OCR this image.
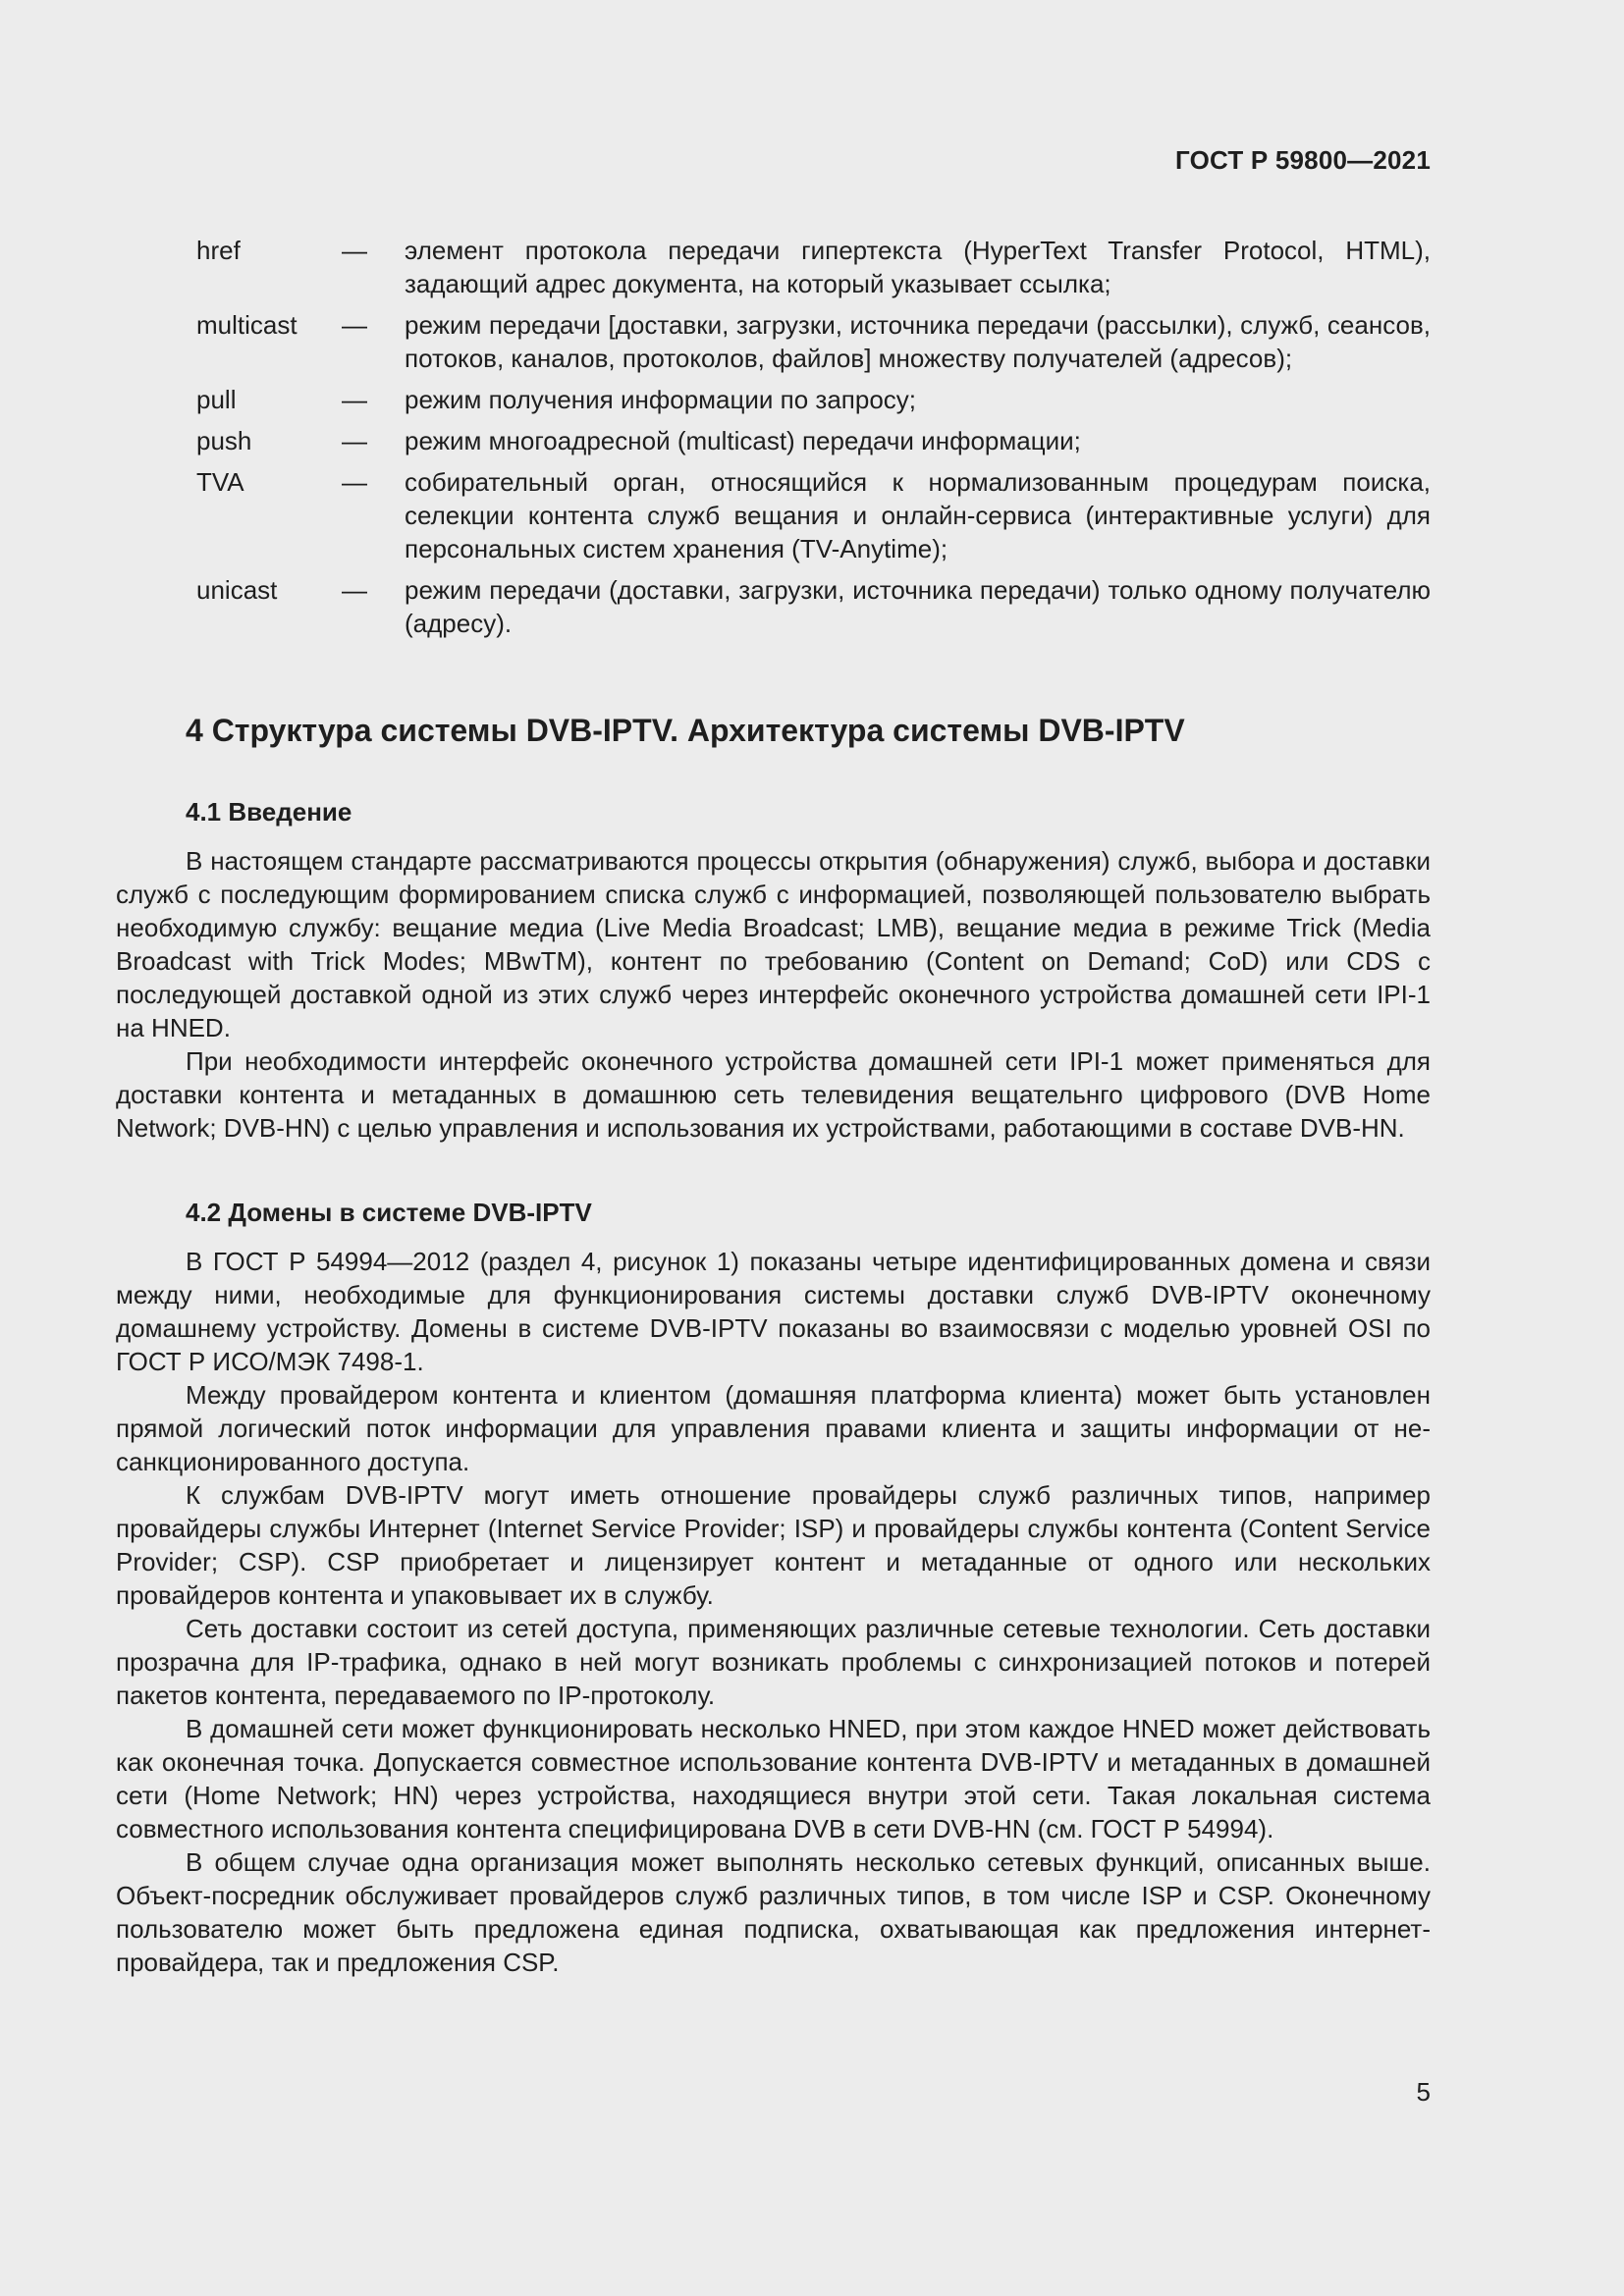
ГОСТ Р 59800—2021
href	—	элемент протокола передачи гипертекста (HyperText Transfer Protocol, HTML), задающий адрес документа, на который указывает ссылка;
multicast	—	режим передачи [доставки, загрузки, источника передачи (рассылки), служб, сеансов, потоков, каналов, протоколов, файлов] множеству получателей (адресов);
pull	—	режим получения информации по запросу;
push	—	режим многоадресной (multicast) передачи информации;
TVA	—	собирательный орган, относящийся к нормализованным процедурам поиска, селекции контента служб вещания и онлайн-сервиса (интерактивные услуги) для персональных систем хранения (TV-Anytime);
unicast	—	режим передачи (доставки, загрузки, источника передачи) только одному получателю (адресу).
4 Структура системы DVB-IPTV. Архитектура системы DVB-IPTV
4.1 Введение

В настоящем стандарте рассматриваются процессы открытия (обнаружения) служб, выбора и доставки служб с последующим формированием списка служб с информацией, позволяющей пользователю выбрать необходимую службу: вещание медиа (Live Media Broadcast; LMB), вещание медиа в режиме Trick (Media Broadcast with Trick Modes; MBwTM), контент по требованию (Content on Demand; CoD) или CDS с последующей доставкой одной из этих служб через интерфейс оконечного устройства домашней сети IPI-1 на HNED.

При необходимости интерфейс оконечного устройства домашней сети IPI-1 может применяться для доставки контента и метаданных в домашнюю сеть телевидения вещательнго цифрового (DVB Home Network; DVB-HN) с целью управления и использования их устройствами, работающими в составе DVB-HN.

4.2 Домены в системе DVB-IPTV

В ГОСТ Р 54994—2012 (раздел 4, рисунок 1) показаны четыре идентифицированных домена и связи между ними, необходимые для функционирования системы доставки служб DVB-IPTV оконечному домашнему устройству. Домены в системе DVB-IPTV показаны во взаимосвязи с моделью уровней OSI по ГОСТ Р ИСО/МЭК 7498-1.

Между провайдером контента и клиентом (домашняя платформа клиента) может быть установлен прямой логический поток информации для управления правами клиента и защиты информации от несанкционированного доступа.

К службам DVB-IPTV могут иметь отношение провайдеры служб различных типов, например провайдеры службы Интернет (Internet Service Provider; ISP) и провайдеры службы контента (Content Service Provider; CSP). CSP приобретает и лицензирует контент и метаданные от одного или нескольких провайдеров контента и упаковывает их в службу.

Сеть доставки состоит из сетей доступа, применяющих различные сетевые технологии. Сеть доставки прозрачна для IP-трафика, однако в ней могут возникать проблемы с синхронизацией потоков и потерей пакетов контента, передаваемого по IP-протоколу.

В домашней сети может функционировать несколько HNED, при этом каждое HNED может действовать как оконечная точка. Допускается совместное использование контента DVB-IPTV и метаданных в домашней сети (Home Network; HN) через устройства, находящиеся внутри этой сети. Такая локальная система совместного использования контента специфицирована DVB в сети DVB-HN (см. ГОСТ Р 54994).

В общем случае одна организация может выполнять несколько сетевых функций, описанных выше. Объект-посредник обслуживает провайдеров служб различных типов, в том числе ISP и CSP. Оконечному пользователю может быть предложена единая подписка, охватывающая как предложения интернет-провайдера, так и предложения CSP.

5
